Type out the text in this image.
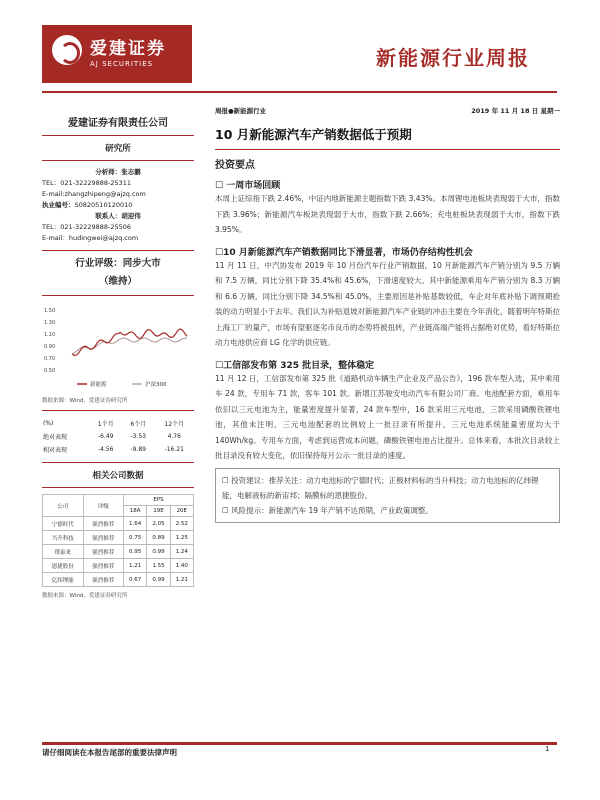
爱建证券
AJ SECURITIES	新能源行业周报
爱建证券有限责任公司
研究所
分析师：张志鹏
TEL：021-32229888-25311
E-mail:zhangzhipeng@ajzq.com
执业编号：S0820510120010
联系人：胡迎伟
TEL：021-32229888-25506
E-mail：hudingwei@ajzq.com
行业评级：同步大市
（维持）
1.50
1.30
1.10
0.90
0.70
0.50
新能源	沪深300
数据来源：Wind，爱建证券研究所
(%)	1个月	6个月	12个月
绝对表现	-6.49	-3.53	4.76
相对表现	-4.56	-9.89	-16.21
相关公司数据
公司	评级	EPS		
		18A	19E	20E
宁德时代	强烈推荐	1.64	2.05	2.52
当升科技	强烈推荐	0.75	0.89	1.25
璞泰来	强烈推荐	0.95	0.99	1.24
恩捷股份	强烈推荐	1.21	1.55	1.40
亿纬锂能	强烈推荐	0.67	0.99	1.21
数据来源：Wind，爱建证券研究所
周报●新能源行业	2019 年 11 月 18 日 星期一
10 月新能源汽车产销数据低于预期
投资要点
☐ 一周市场回顾
本周上证综指下跌 2.46%，中证内地新能源主题指数下跌 3.43%。本周锂电池板块表现弱于大市，指数下跌 3.96%；新能源汽车板块表现弱于大市，指数下跌 2.66%；充电桩板块表现弱于大市，指数下跌 3.95%。
☐10 月新能源汽车产销数据同比下滑显著，市场仍存结构性机会
11 月 11 日，中汽协发布 2019 年 10 月份汽车行业产销数据，10 月新能源汽车产销分别为 9.5 万辆和 7.5 万辆，同比分别下降 35.4%和 45.6%，下滑速度较大。其中新能源乘用车产销分别为 8.3 万辆和 6.6 万辆，同比分别下降 34.5%和 45.0%，主要原因是补贴基数较低，车企对年底补贴下调预期抢装的动力明显小于去年。我们认为补贴退坡对新能源汽车产业链的冲击主要在今年消化，随着明年特斯拉上海工厂的量产，市场有望驱逐劣币良币的态势将被扭转，产业链高端产能将占据绝对优势，看好特斯拉动力电池供应商 LG 化学的供应链。
☐工信部发布第 325 批目录，整体稳定
11 月 12 日，工信部发布第 325 批《道路机动车辆生产企业及产品公告》，196 款车型入选，其中乘用车 24 款，专用车 71 款，客车 101 款。新增江苏骏安电动汽车有限公司厂商。电池配套方面，乘用车依旧以三元电池为主，能量密度提升显著，24 款车型中，16 款采用三元电池，三款采用磷酸铁锂电池，其他未注明，三元电池配套的比例较上一批目录有所提升，三元电池系统能量密度均大于 140Wh/kg。专用车方面，考虑到运营成本问题，磷酸铁锂电池占比提升。总体来看，本批次目录较上批目录没有较大变化，依旧保持每月公示一批目录的速度。

☐ 投资建议：推荐关注：动力电池标的宁德时代；正极材料标的当升科技；动力电池标的亿纬锂能，电解液标的新宙邦；隔膜标的恩捷股份。

☐ 风险提示：新能源汽车 19 年产销不达预期，产业政策调整。

请仔细阅读在本报告尾部的重要法律声明	1
